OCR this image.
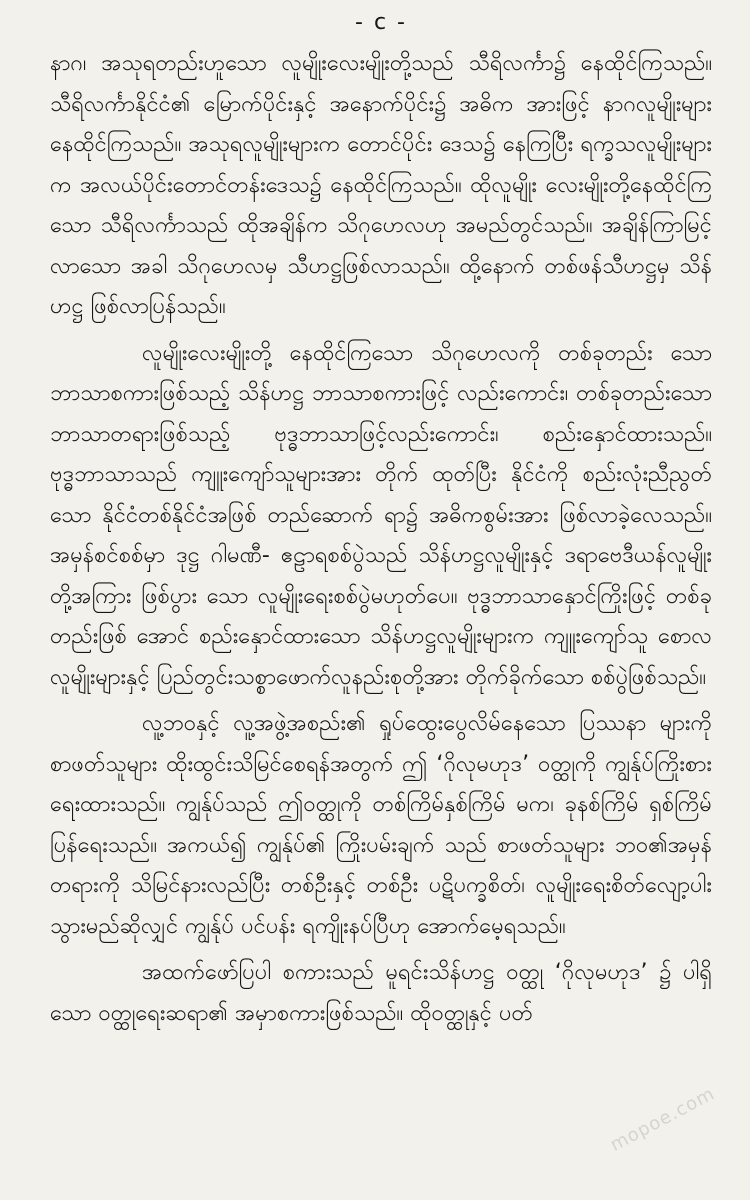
- c -

နာဂ၊ အသုရတည်းဟူသော လူမျိုးလေးမျိုးတို့သည် သီရိလင်္ကာ၌ နေထိုင်ကြသည်။ သီရိလင်္ကာနိုင်ငံ၏ မြောက်ပိုင်းနှင့် အနောက်ပိုင်း၌ အဓိက အားဖြင့် နာဂလူမျိုးများနေထိုင်ကြသည်။ အသုရလူမျိုးများက တောင်ပိုင်း ဒေသ၌ နေကြပြီး ရက္ခသလူမျိုးများက အလယ်ပိုင်းတောင်တန်းဒေသ၌ နေထိုင်ကြသည်။ ထိုလူမျိုး လေးမျိုးတို့နေထိုင်ကြသော သီရိလင်္ကာသည် ထိုအချိန်က သိဂုဟေလဟု အမည်တွင်သည်။ အချိန်ကြာမြင့်လာသော အခါ သိဂုဟေလမှ သီဟဋ္ဌဖြစ်လာသည်။ ထို့နောက် တစ်ဖန်သီဟဋ္ဌမှ သိန်ဟဋ္ဌ ဖြစ်လာပြန်သည်။

လူမျိုးလေးမျိုးတို့ နေထိုင်ကြသော သိဂုဟေလကို တစ်ခုတည်း သော ဘာသာစကားဖြစ်သည့် သိန်ဟဋ္ဌ ဘာသာစကားဖြင့် လည်းကောင်း၊ တစ်ခုတည်းသော ဘာသာတရားဖြစ်သည့် ဗုဒ္ဓဘာသာဖြင့်လည်းကောင်း၊ စည်းနှောင်ထားသည်။ ဗုဒ္ဓဘာသာသည် ကျူးကျော်သူများအား တိုက် ထုတ်ပြီး နိုင်ငံကို စည်းလုံးညီညွတ်သော နိုင်ငံတစ်နိုင်ငံအဖြစ် တည်ဆောက် ရာ၌ အဓိကစွမ်းအား ဖြစ်လာခဲ့လေသည်။ အမှန်စင်စစ်မှာ ဒုဋ္ဌ ဂါမဏီ- ဧဠာရစစ်ပွဲသည် သိန်ဟဋ္ဌလူမျိုးနှင့် ဒရာဗေဒီယန်လူမျိုးတို့အကြား ဖြစ်ပွား သော လူမျိုးရေးစစ်ပွဲမဟုတ်ပေ။ ဗုဒ္ဓဘာသာနှောင်ကြိုးဖြင့် တစ်ခုတည်းဖြစ် အောင် စည်းနှောင်ထားသော သိန်ဟဋ္ဌလူမျိုးများက ကျူးကျော်သူ စောလ လူမျိုးများနှင့် ပြည်တွင်းသစ္စာဖောက်လူနည်းစုတို့အား တိုက်ခိုက်သော စစ်ပွဲဖြစ်သည်။

လူ့ဘဝနှင့် လူ့အဖွဲ့အစည်း၏ ရှုပ်ထွေးပွေလိမ်နေသော ပြဿနာ များကို စာဖတ်သူများ ထိုးထွင်းသိမြင်စေရန်အတွက် ဤ ‘ဂိုလုမဟုဒ’ ဝတ္ထုကို ကျွန်ုပ်ကြိုးစားရေးထားသည်။ ကျွန်ုပ်သည် ဤဝတ္ထုကို တစ်ကြိမ်နှစ်ကြိမ် မက၊ ခုနစ်ကြိမ် ရှစ်ကြိမ် ပြန်ရေးသည်။ အကယ်၍ ကျွန်ုပ်၏ ကြိုးပမ်းချက် သည် စာဖတ်သူများ ဘဝ၏အမှန်တရားကို သိမြင်နားလည်ပြီး တစ်ဦးနှင့် တစ်ဦး ပဋိပက္ခစိတ်၊ လူမျိုးရေးစိတ်လျော့ပါးသွားမည်ဆိုလျှင် ကျွန်ုပ် ပင်ပန်း ရကျိုးနပ်ပြီဟု အောက်မေ့ရသည်။

အထက်ဖော်ပြပါ စကားသည် မူရင်းသိန်ဟဋ္ဌ ဝတ္ထု ‘ဂိုလုမဟုဒ’ ၌ ပါရှိသော ဝတ္ထုရေးဆရာ၏ အမှာစကားဖြစ်သည်။ ထိုဝတ္ထုနှင့် ပတ်

mopoe.com
